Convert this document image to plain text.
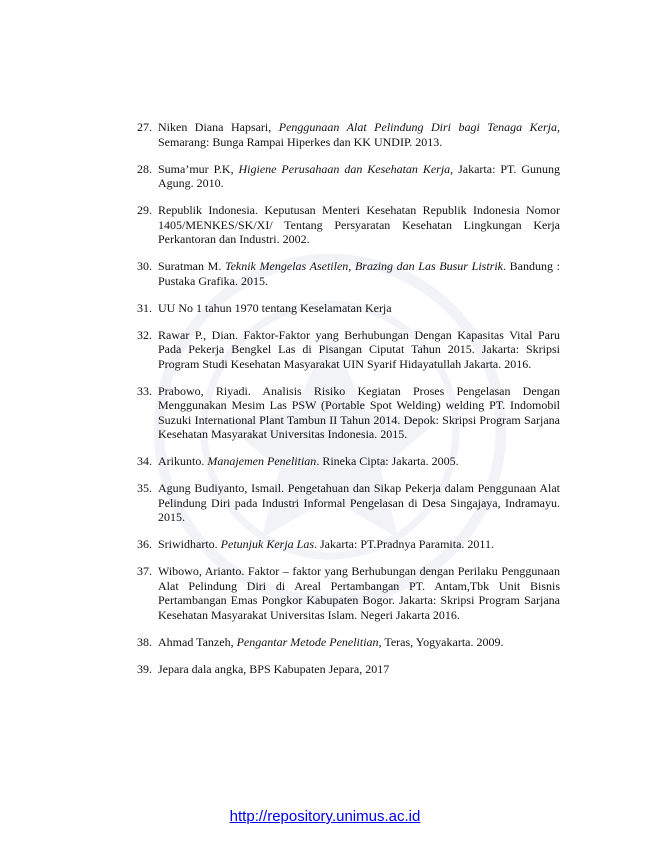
27. Niken Diana Hapsari, Penggunaan Alat Pelindung Diri bagi Tenaga Kerja, Semarang: Bunga Rampai Hiperkes dan KK UNDIP. 2013.
28. Suma’mur P.K, Higiene Perusahaan dan Kesehatan Kerja, Jakarta: PT. Gunung Agung. 2010.
29. Republik Indonesia. Keputusan Menteri Kesehatan Republik Indonesia Nomor 1405/MENKES/SK/XI/ Tentang Persyaratan Kesehatan Lingkungan Kerja Perkantoran dan Industri. 2002.
30. Suratman M. Teknik Mengelas Asetilen, Brazing dan Las Busur Listrik. Bandung : Pustaka Grafika. 2015.
31. UU No 1 tahun 1970 tentang Keselamatan Kerja
32. Rawar P., Dian. Faktor-Faktor yang Berhubungan Dengan Kapasitas Vital Paru Pada Pekerja Bengkel Las di Pisangan Ciputat Tahun 2015. Jakarta: Skripsi Program Studi Kesehatan Masyarakat UIN Syarif Hidayatullah Jakarta. 2016.
33. Prabowo, Riyadi. Analisis Risiko Kegiatan Proses Pengelasan Dengan Menggunakan Mesim Las PSW (Portable Spot Welding) welding PT. Indomobil Suzuki International Plant Tambun II Tahun 2014. Depok: Skripsi Program Sarjana Kesehatan Masyarakat Universitas Indonesia. 2015.
34. Arikunto. Manajemen Penelitian. Rineka Cipta: Jakarta. 2005.
35. Agung Budiyanto, Ismail. Pengetahuan dan Sikap Pekerja dalam Penggunaan Alat Pelindung Diri pada Industri Informal Pengelasan di Desa Singajaya, Indramayu. 2015.
36. Sriwidharto. Petunjuk Kerja Las. Jakarta: PT.Pradnya Paramita. 2011.
37. Wibowo, Arianto. Faktor – faktor yang Berhubungan dengan Perilaku Penggunaan Alat Pelindung Diri di Areal Pertambangan PT. Antam,Tbk Unit Bisnis Pertambangan Emas Pongkor Kabupaten Bogor. Jakarta: Skripsi Program Sarjana Kesehatan Masyarakat Universitas Islam. Negeri Jakarta 2016.
38. Ahmad Tanzeh, Pengantar Metode Penelitian, Teras, Yogyakarta. 2009.
39. Jepara dala angka, BPS Kabupaten Jepara, 2017
http://repository.unimus.ac.id
